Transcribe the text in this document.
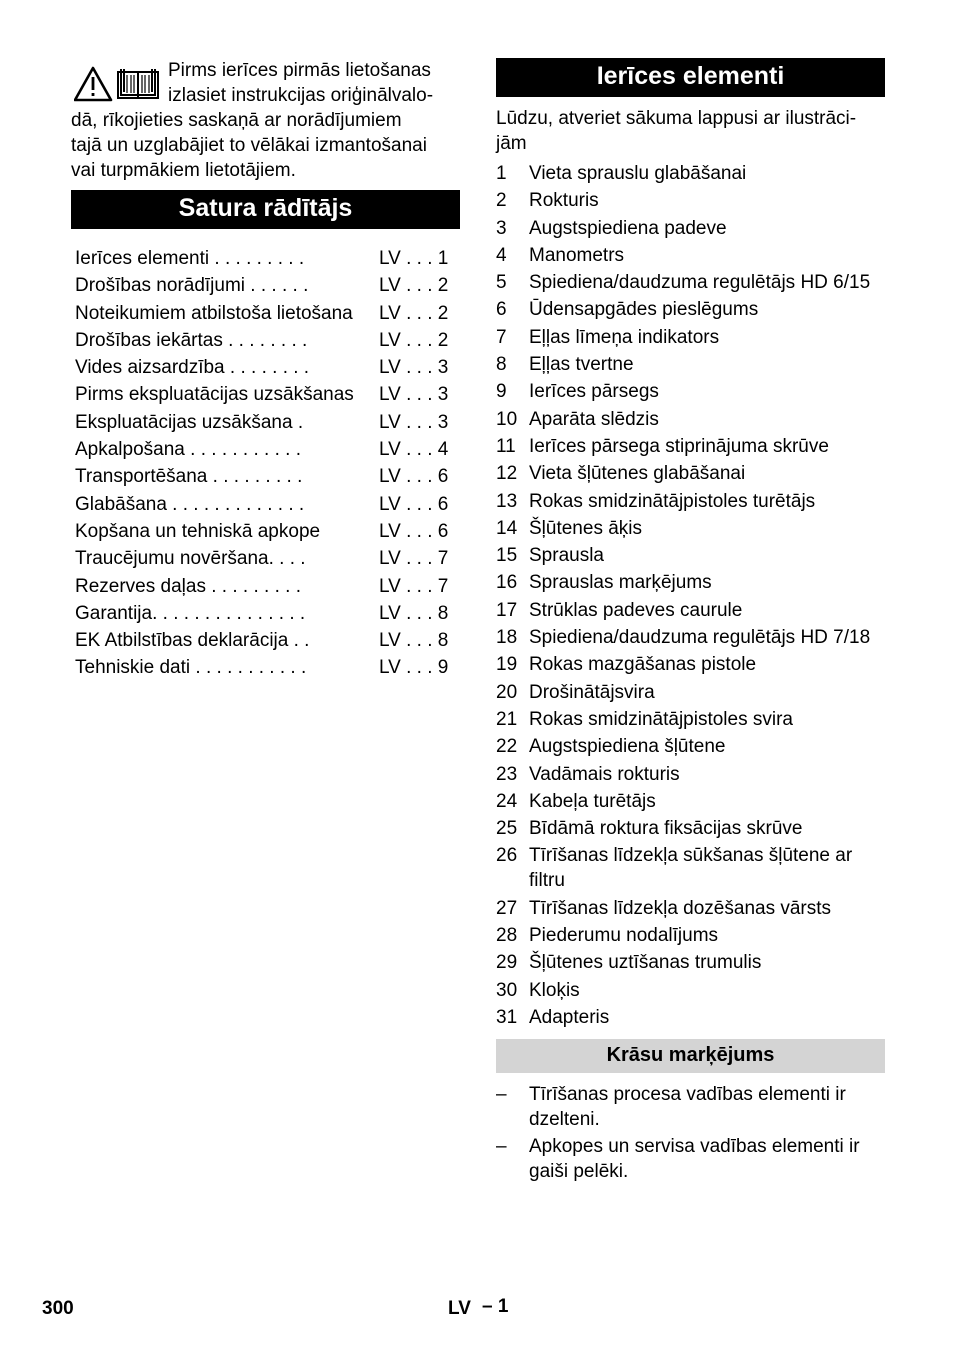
Pirms ierīces pirmās lietošanas
izlasiet instrukcijas oriģinālvalo-
dā, rīkojieties saskaņā ar norādījumiem
tajā un uzglabājiet to vēlākai izmantošanai
vai turpmākiem lietotājiem.
Satura rādītājs
Ierīces elementi . . . . . . . . .	LV . . . 1
Drošības norādījumi . . . . . .	LV . . . 2
Noteikumiem atbilstoša lietošana	LV . . . 2
Drošības iekārtas . . . . . . . .	LV . . . 2
Vides aizsardzība . . . . . . . .	LV . . . 3
Pirms ekspluatācijas uzsākšanas	LV . . . 3
Ekspluatācijas uzsākšana .	LV . . . 3
Apkalpošana . . . . . . . . . . .	LV . . . 4
Transportēšana . . . . . . . . .	LV . . . 6
Glabāšana . . . . . . . . . . . . .	LV . . . 6
Kopšana un tehniskā apkope	LV . . . 6
Traucējumu novēršana. . . .	LV . . . 7
Rezerves daļas . . . . . . . . .	LV . . . 7
Garantija. . . . . . . . . . . . . . .	LV . . . 8
EK Atbilstības deklarācija . .	LV . . . 8
Tehniskie dati . . . . . . . . . . .	LV . . . 9
Ierīces elementi
Lūdzu, atveriet sākuma lappusi ar ilustrāci-jām
1	Vieta sprauslu glabāšanai
2	Rokturis
3	Augstspiediena padeve
4	Manometrs
5	Spiediena/daudzuma regulētājs HD 6/15
6	Ūdensapgādes pieslēgums
7	Eļļas līmeņa indikators
8	Eļļas tvertne
9	Ierīces pārsegs
10 Aparāta slēdzis
11 Ierīces pārsega stiprinājuma skrūve
12 Vieta šļūtenes glabāšanai
13 Rokas smidzinātājpistoles turētājs
14 Šļūtenes āķis
15 Sprausla
16 Sprauslas marķējums
17 Strūklas padeves caurule
18 Spiediena/daudzuma regulētājs HD 7/18
19 Rokas mazgāšanas pistole
20 Drošinātājsvira
21 Rokas smidzinātājpistoles svira
22 Augstspiediena šļūtene
23 Vadāmais rokturis
24 Kabeļa turētājs
25 Bīdāmā roktura fiksācijas skrūve
26 Tīrīšanas līdzekļa sūkšanas šļūtene ar filtru
27 Tīrīšanas līdzekļa dozēšanas vārsts
28 Piederumu nodalījums
29 Šļūtenes uztīšanas trumulis
30 Kloķis
31 Adapteris
Krāsu marķējums
–	Tīrīšanas procesa vadības elementi ir dzelteni.
–	Apkopes un servisa vadības elementi ir gaiši pelēki.
300	LV – 1
